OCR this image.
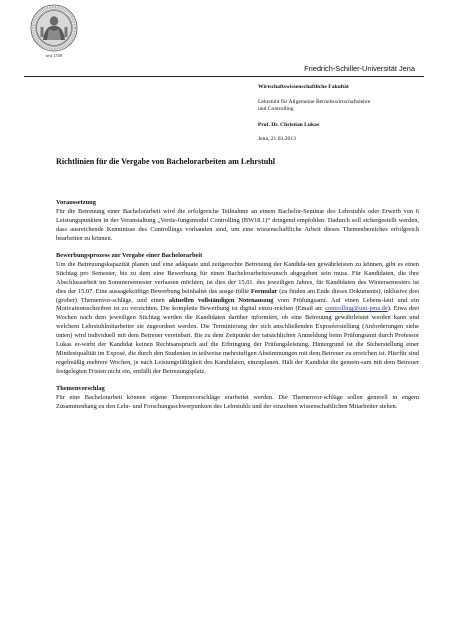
seit 1558
Friedrich-Schiller-Universität Jena
Wirtschaftswissenschaftliche Fakultät
Lehrstuhl für Allgemeine Betriebswirtschaftslehre
und Controlling
Prof. Dr. Christian Lukas
Jena, 21.03.2013
Richtlinien für die Vergabe von Bachelorarbeiten am Lehrstuhl
Voraussetzung
Für die Betreuung einer Bachelorarbeit wird die erfolgreiche Teilnahme an einem Bachelor-Seminar des Lehrstuhls oder Erwerb von 6 Leistungspunkten in der Veranstaltung „Vertie-fungsmodul Controlling (BW18.1)“ dringend empfohlen. Dadurch soll sichergestellt werden, dass ausreichende Kenntnisse des Controllings vorhanden sind, um eine wissenschaftliche Arbeit dieses Themenbereiches erfolgreich bearbeiten zu können.
Bewerbungsprozess zur Vergabe einer Bachelorarbeit
Um die Betreuungskapazität planen und eine adäquate und zeitgerechte Betreuung der Kandida-ten gewährleisten zu können, gibt es einen Stichtag pro Semester, bis zu dem eine Bewerbung für einen Bachelorarbeitswunsch abgegeben sein muss. Für Kandidaten, die ihre Abschlussarbeit im Sommersemester verfassen möchten, ist dies der 15.01. des jeweiligen Jahres, für Kandidaten des Wintersemesters ist dies der 15.07. Eine aussagekräftige Bewerbung beinhaltet das ausge-füllte Formular (zu finden am Ende dieses Dokuments), inklusive drei (grober) Themenvor-schläge, und einen aktuellen vollständigen Notenauszug vom Prüfungsamt. Auf einen Lebens-lauf und ein Motivationsschreiben ist zu verzichten. Die komplette Bewerbung ist digital einzu-reichen (Email an: controlling@uni-jena.de). Etwa drei Wochen nach dem jeweiligen Stichtag werden die Kandidaten darüber informiert, ob eine Betreuung gewährleistet werden kann und welchem Lehrstuhlmitarbeiter sie zugeordnet werden. Die Terminierung der sich anschließenden Exposéerstellung (Anforderungen siehe unten) wird individuell mit dem Betreuer vereinbart. Bis zu dem Zeitpunkt der tatsächlichen Anmeldung beim Prüfungsamt durch Professor Lukas er-wirbt der Kandidat keinen Rechtsanspruch auf die Erbringung der Prüfungsleistung. Hintergrund ist die Sicherstellung einer Mindestqualität im Exposé, die durch den Studenten in teilweise mehrstufigen Abstimmungen mit dem Betreuer zu erreichen ist. Hierfür sind regelmäßig mehrere Wochen, je nach Leistungsfähigkeit des Kandidaten, einzuplanen. Hält der Kandidat die gemein-sam mit dem Betreuer festgelegten Fristen nicht ein, entfällt der Betreuungsplatz.
Themenvorschlag
Für eine Bachelorarbeit können eigene Themenvorschläge erarbeitet werden. Die Themenvor-schläge sollen generell in engem Zusammenhang zu den Lehr- und Forschungsschwerpunkten des Lehrstuhls und der einzelnen wissenschaftlichen Mitarbeiter stehen.
